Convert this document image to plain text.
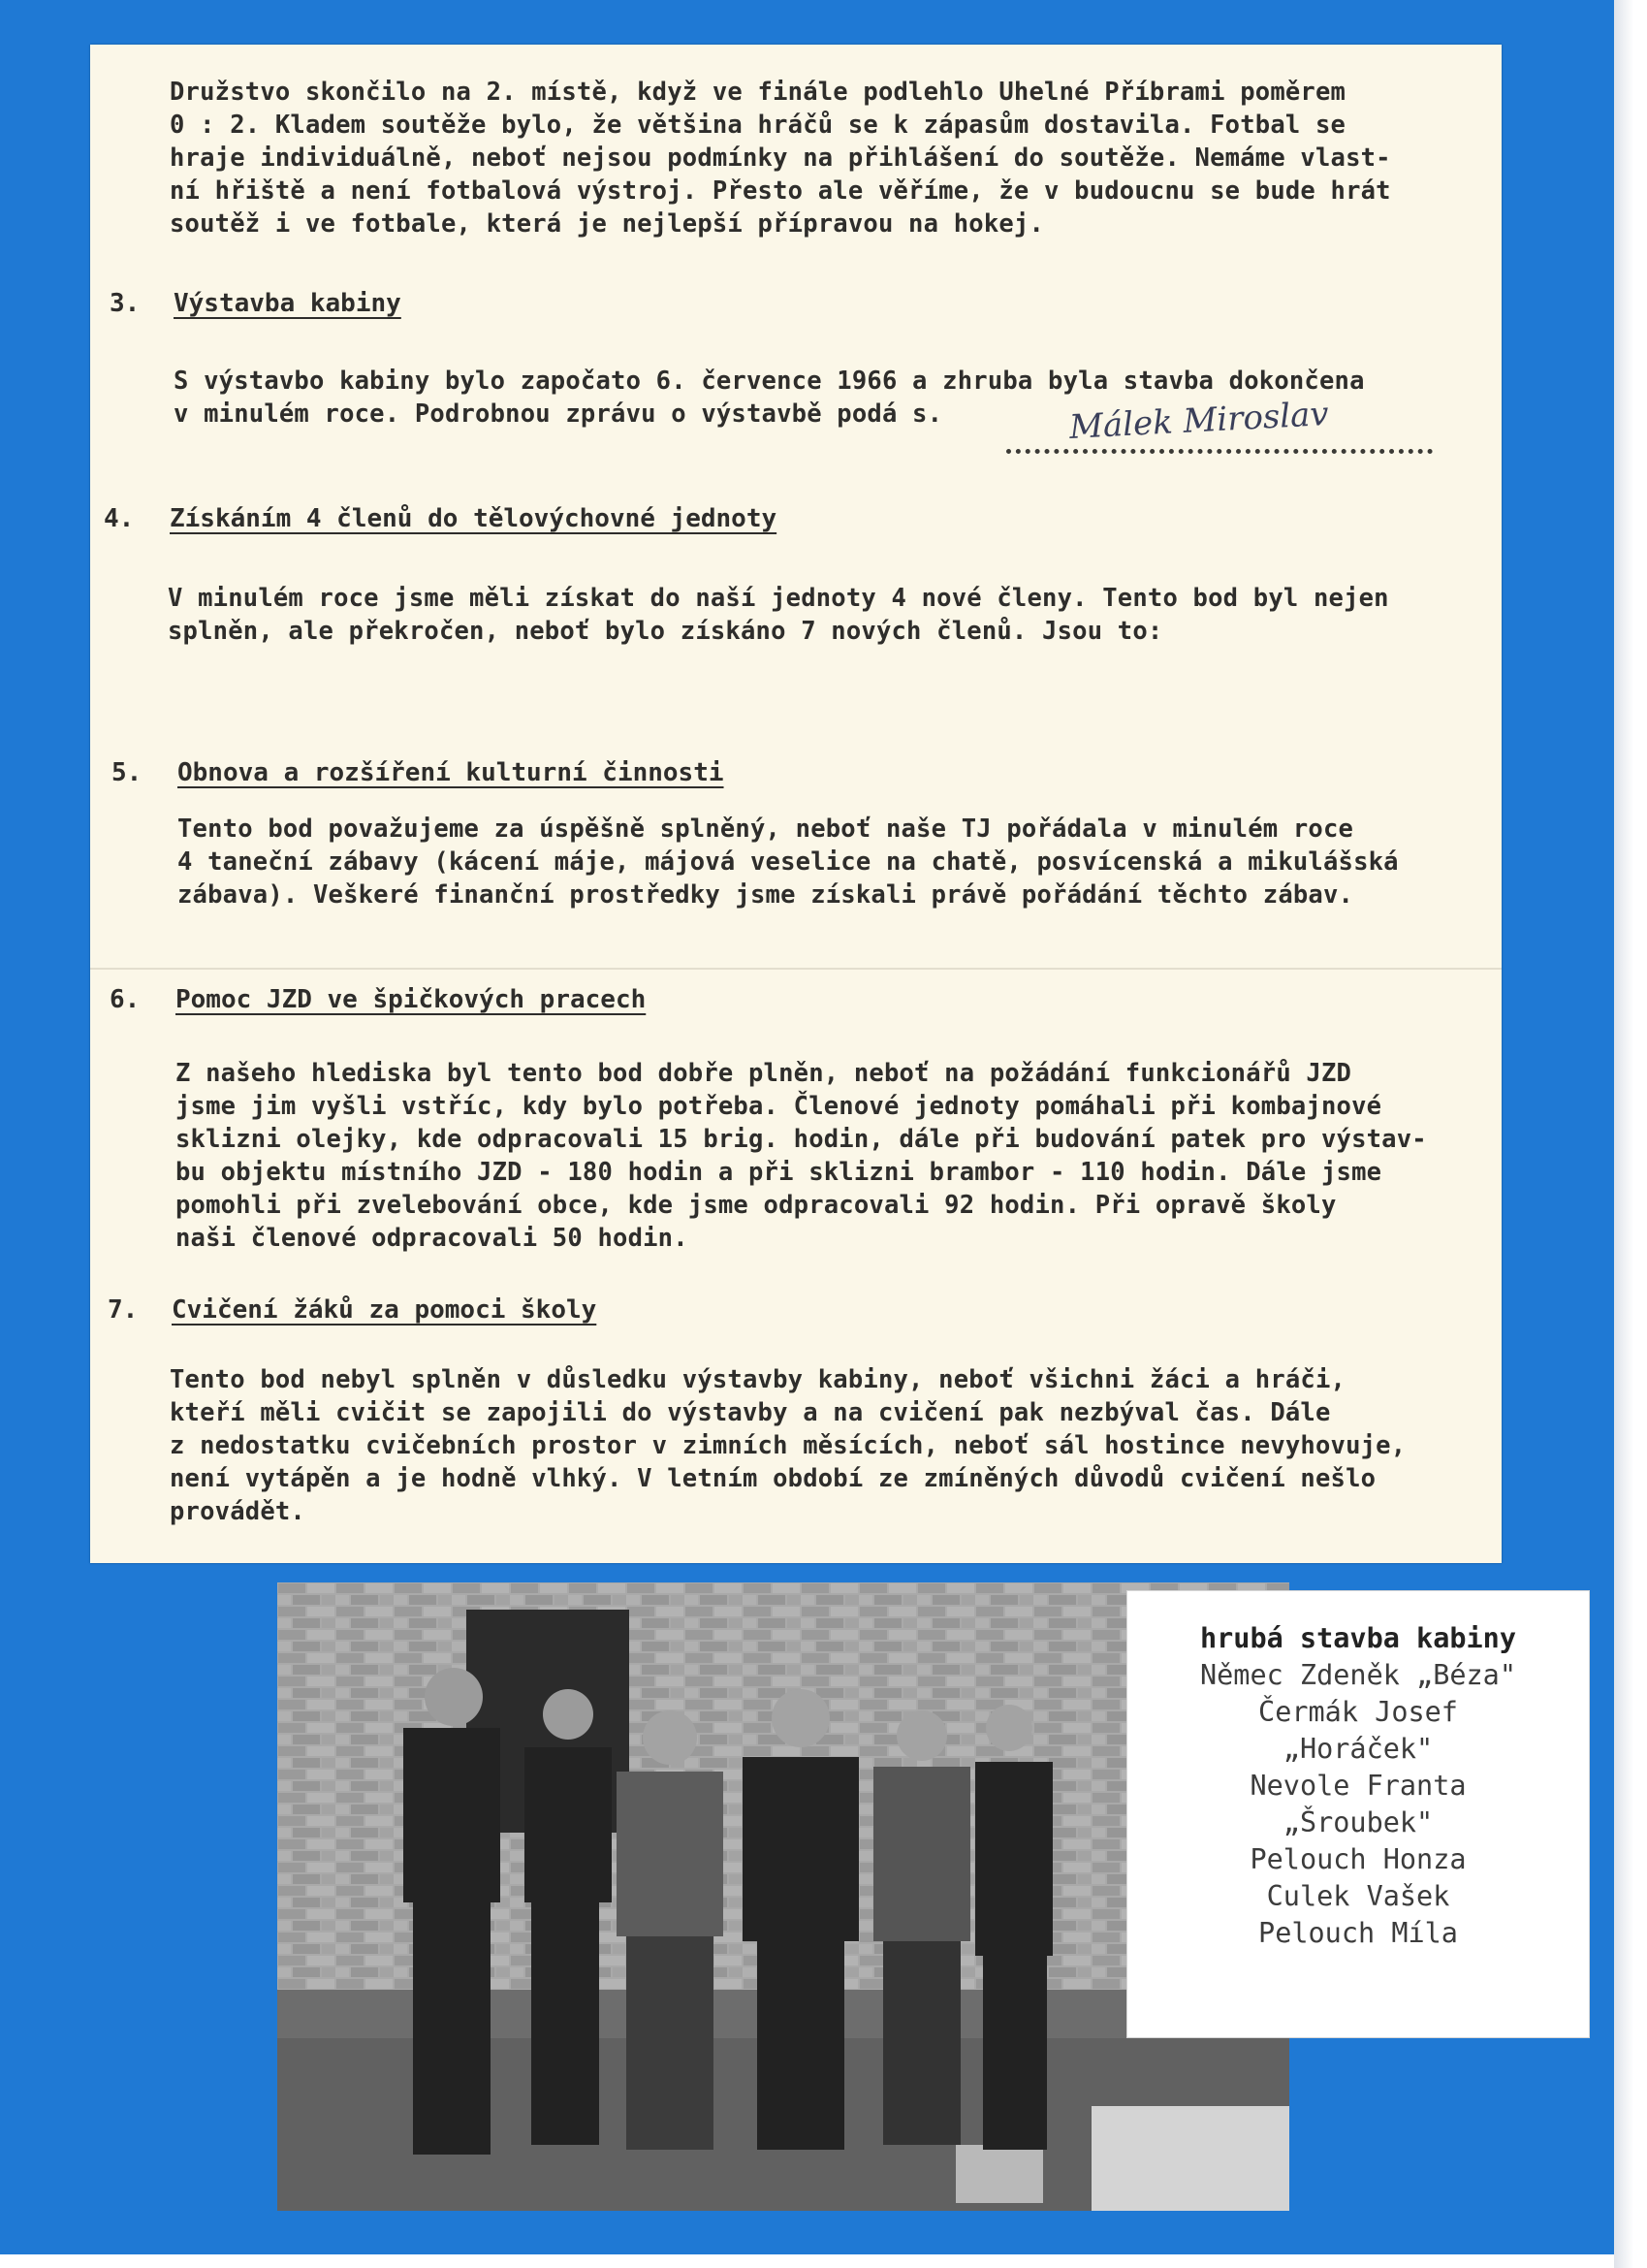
Družstvo skončilo na 2. místě, když ve finále podlehlo Uhelné Příbrami poměrem
0 : 2. Kladem soutěže bylo, že většina hráčů se k zápasům dostavila. Fotbal se
hraje individuálně, neboť nejsou podmínky na přihlášení do soutěže. Nemáme vlast-
ní hřiště a není fotbalová výstroj. Přesto ale věříme, že v budoucnu se bude hrát
soutěž i ve fotbale, která je nejlepší přípravou na hokej.

3. Výstavba kabiny

S výstavbo kabiny bylo započato 6. července 1966 a zhruba byla stavba dokončena
v minulém roce. Podrobnou zprávu o výstavbě podá s.	Málek Miroslav
4. Získáním 4 členů do tělovýchovné jednoty

V minulém roce jsme měli získat do naší jednoty 4 nové členy. Tento bod byl nejen
splněn, ale překročen, neboť bylo získáno 7 nových členů. Jsou to:

5. Obnova a rozšíření kulturní činnosti

Tento bod považujeme za úspěšně splněný, neboť naše TJ pořádala v minulém roce
4 taneční zábavy (kácení máje, májová veselice na chatě, posvícenská a mikulášská
zábava). Veškeré finanční prostředky jsme získali právě pořádání těchto zábav.

6. Pomoc JZD ve špičkových pracech

Z našeho hlediska byl tento bod dobře plněn, neboť na požádání funkcionářů JZD
jsme jim vyšli vstříc, kdy bylo potřeba. Členové jednoty pomáhali při kombajnové
sklizni olejky, kde odpracovali 15 brig. hodin, dále při budování patek pro výstav-
bu objektu místního JZD - 180 hodin a při sklizni brambor - 110 hodin. Dále jsme
pomohli při zvelebování obce, kde jsme odpracovali 92 hodin. Při opravě školy
naši členové odpracovali 50 hodin.

7. Cvičení žáků za pomoci školy

Tento bod nebyl splněn v důsledku výstavby kabiny, neboť všichni žáci a hráči,
kteří měli cvičit se zapojili do výstavby a na cvičení pak nezbýval čas. Dále
z nedostatku cvičebních prostor v zimních měsících, neboť sál hostince nevyhovuje,
není vytápěn a je hodně vlhký. V letním období ze zmíněných důvodů cvičení nešlo
provádět.

hrubá stavba kabiny
Němec Zdeněk „Béza"
Čermák Josef
„Horáček"
Nevole Franta
„Šroubek"
Pelouch Honza
Culek Vašek
Pelouch Míla
